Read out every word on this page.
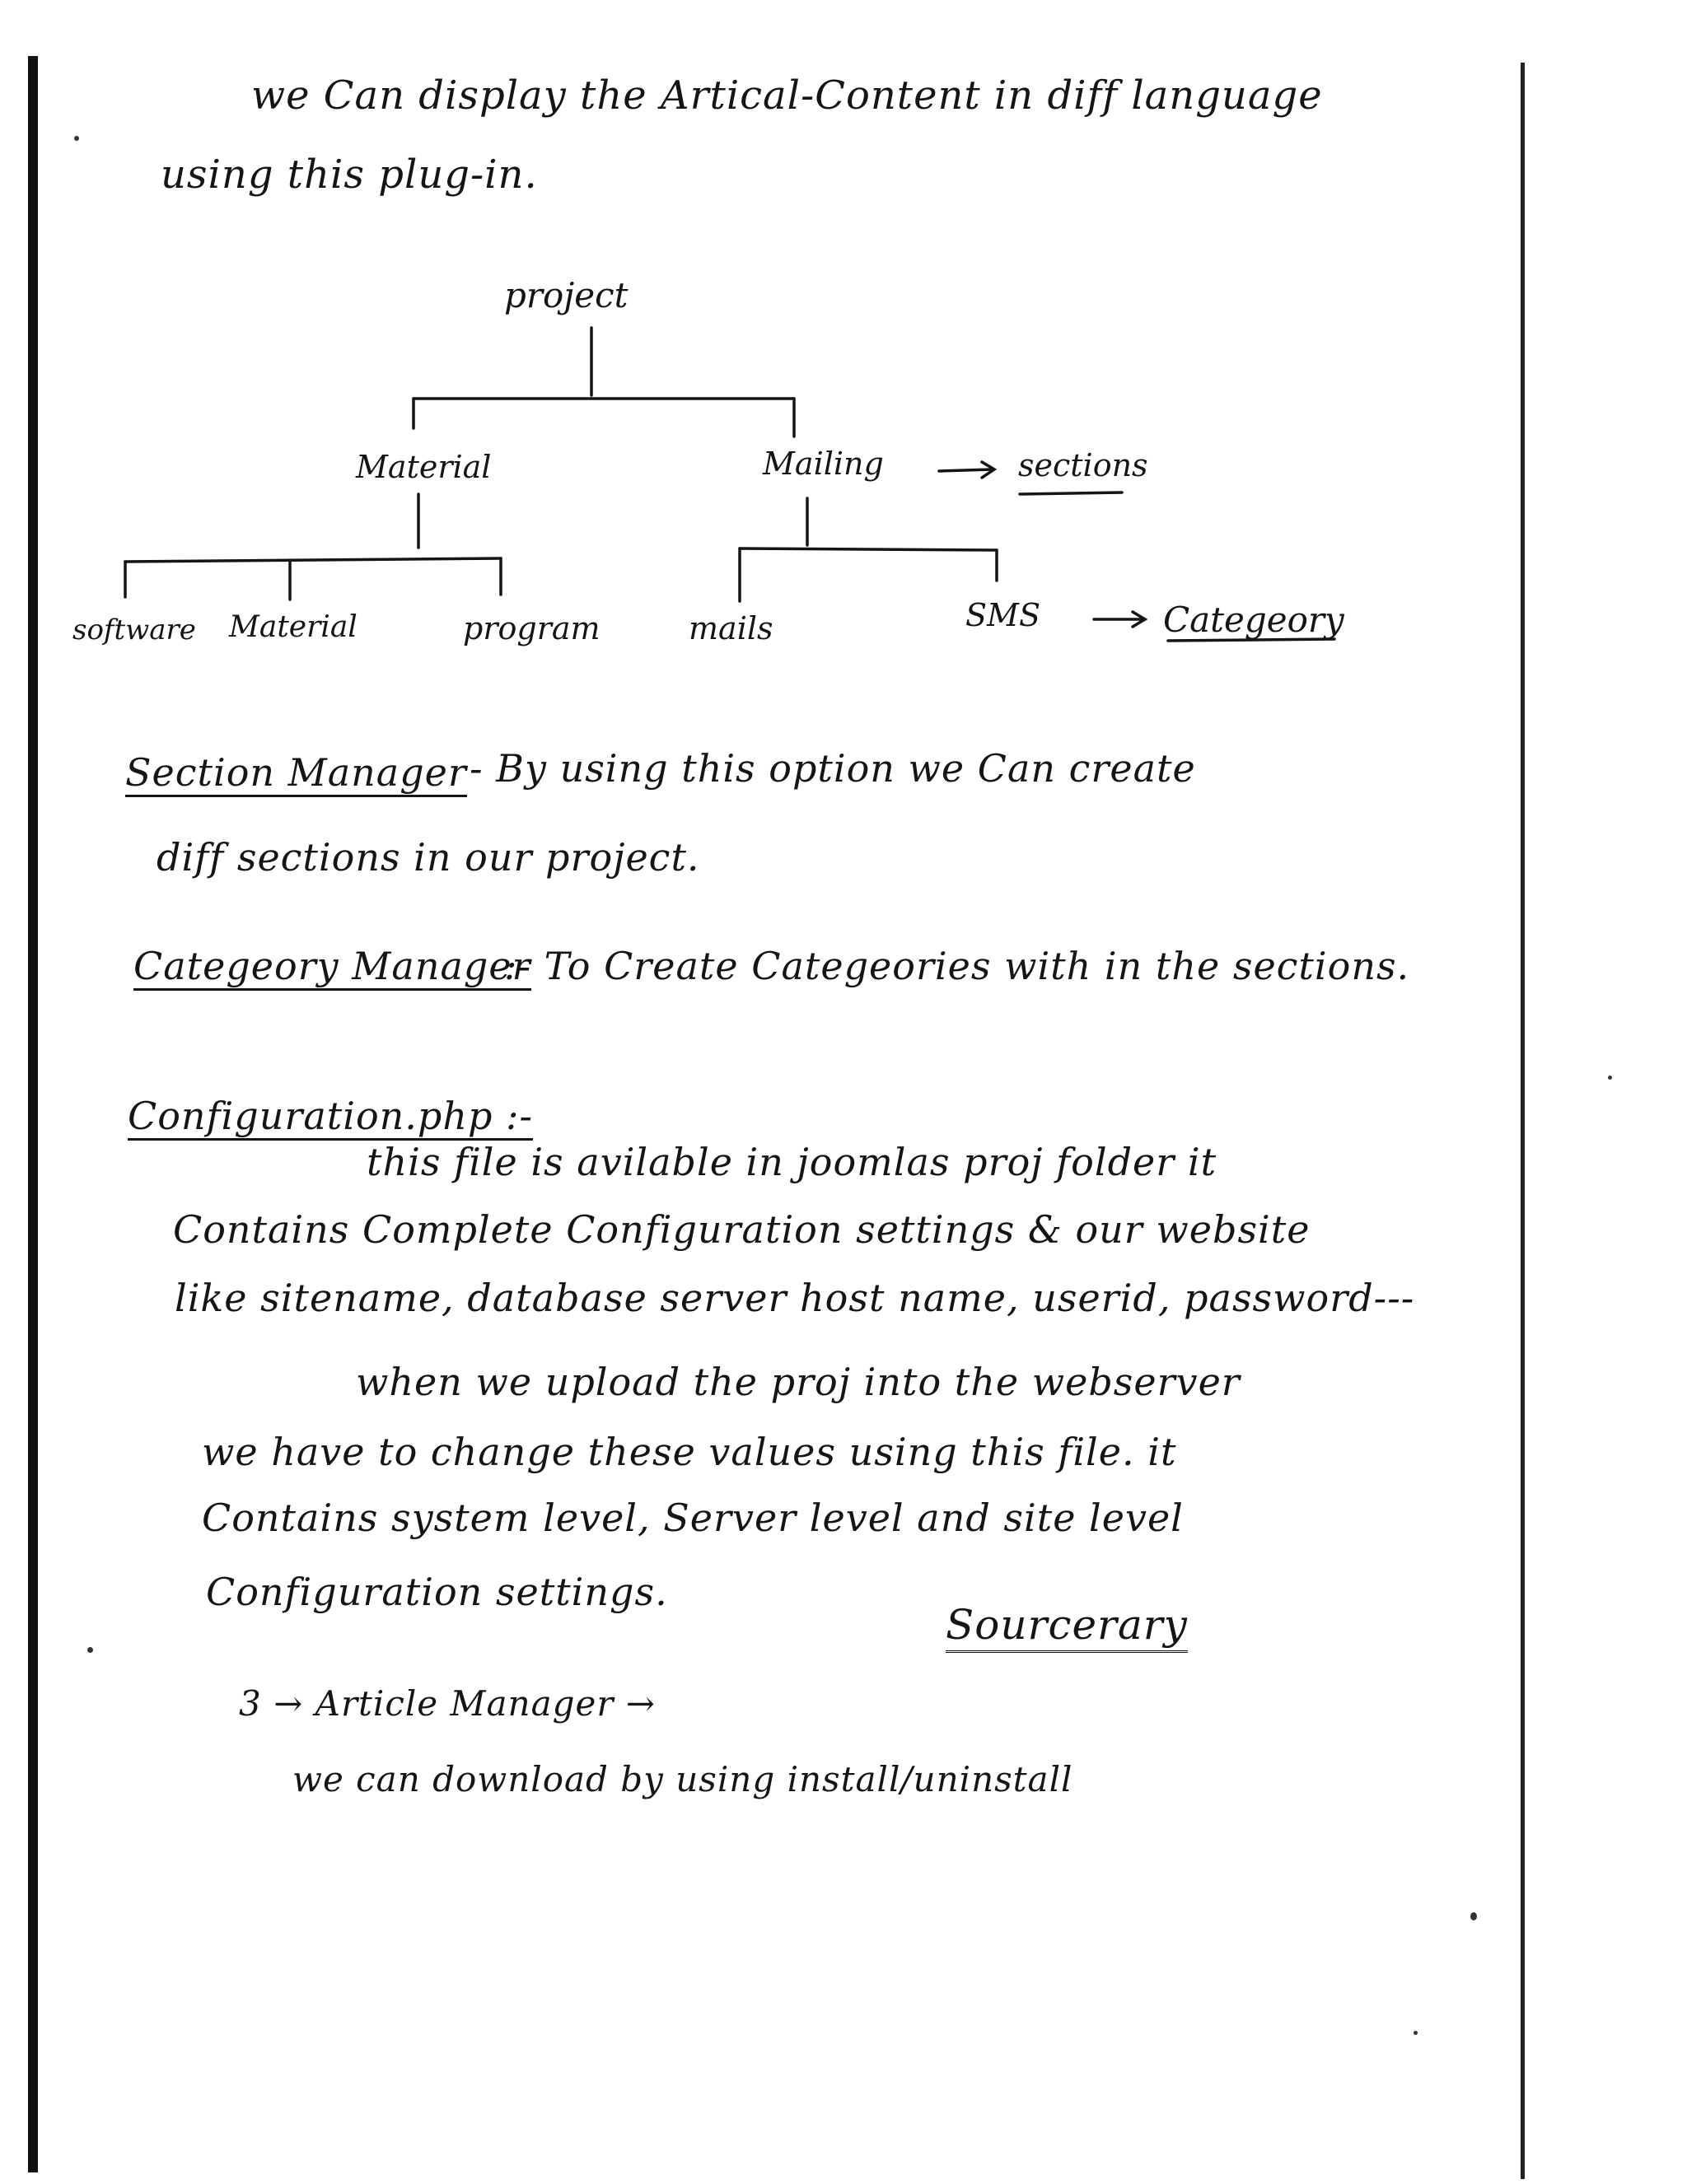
we Can display the Artical-Content in diff language
using this plug-in.
project
Material	Mailing	sections
software Material	program	mails	SMS	Categeory
Section Manager - By using this option we Can create
diff sections in our project.
Categeory Manager
:- To Create Categeories with in the sections.
Configuration.php :-
this file is avilable in joomlas proj folder it
Contains Complete Configuration settings & our website
like sitename, database server host name, userid, password---
when we upload the proj into the webserver
we have to change these values using this file. it
Contains system level, Server level and site level
Configuration settings.
Sourcerary
3 → Article Manager →
we can download by using install/uninstall
